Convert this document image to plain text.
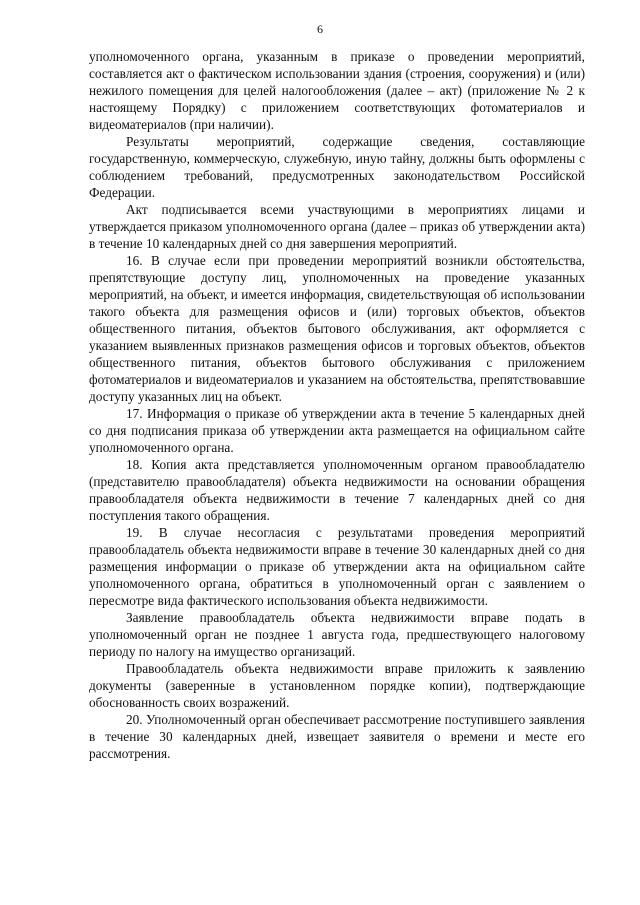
6

уполномоченного органа, указанным в приказе о проведении мероприятий, составляется акт о фактическом использовании здания (строения, сооружения) и (или) нежилого помещения для целей налогообложения (далее – акт) (приложение № 2 к настоящему Порядку) с приложением соответствующих фотоматериалов и видеоматериалов (при наличии).

Результаты мероприятий, содержащие сведения, составляющие государственную, коммерческую, служебную, иную тайну, должны быть оформлены с соблюдением требований, предусмотренных законодательством Российской Федерации.

Акт подписывается всеми участвующими в мероприятиях лицами и утверждается приказом уполномоченного органа (далее – приказ об утверждении акта) в течение 10 календарных дней со дня завершения мероприятий.

16. В случае если при проведении мероприятий возникли обстоятельства, препятствующие доступу лиц, уполномоченных на проведение указанных мероприятий, на объект, и имеется информация, свидетельствующая об использовании такого объекта для размещения офисов и (или) торговых объектов, объектов общественного питания, объектов бытового обслуживания, акт оформляется с указанием выявленных признаков размещения офисов и торговых объектов, объектов общественного питания, объектов бытового обслуживания с приложением фотоматериалов и видеоматериалов и указанием на обстоятельства, препятствовавшие доступу указанных лиц на объект.

17. Информация о приказе об утверждении акта в течение 5 календарных дней со дня подписания приказа об утверждении акта размещается на официальном сайте уполномоченного органа.

18. Копия акта представляется уполномоченным органом правообладателю (представителю правообладателя) объекта недвижимости на основании обращения правообладателя объекта недвижимости в течение 7 календарных дней со дня поступления такого обращения.

19. В случае несогласия с результатами проведения мероприятий правообладатель объекта недвижимости вправе в течение 30 календарных дней со дня размещения информации о приказе об утверждении акта на официальном сайте уполномоченного органа, обратиться в уполномоченный орган с заявлением о пересмотре вида фактического использования объекта недвижимости.

Заявление правообладатель объекта недвижимости вправе подать в уполномоченный орган не позднее 1 августа года, предшествующего налоговому периоду по налогу на имущество организаций.

Правообладатель объекта недвижимости вправе приложить к заявлению документы (заверенные в установленном порядке копии), подтверждающие обоснованность своих возражений.

20. Уполномоченный орган обеспечивает рассмотрение поступившего заявления в течение 30 календарных дней, извещает заявителя о времени и месте его рассмотрения.
